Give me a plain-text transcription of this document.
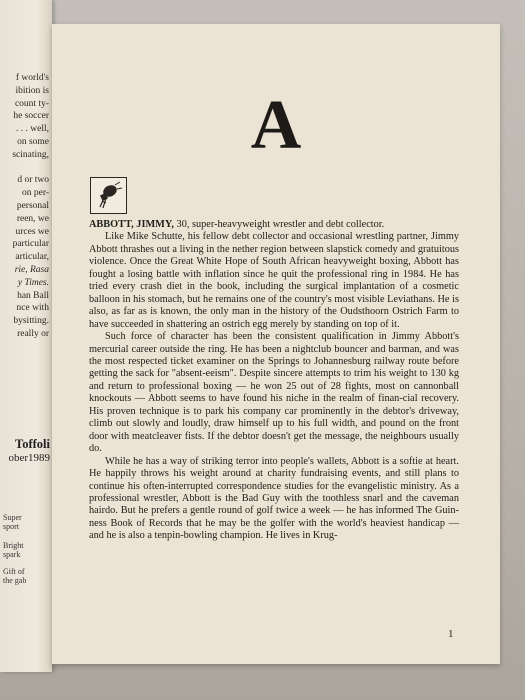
f world's
ibition is
count ty-
he soccer
. . . well,
on some
scinating,
d or two
on per-
personal
reen, we
urces we
particular
articular,
rie, Rasa
y Times.
han Ball
nce with
bysitting.
really or
Toffoli
ober1989
Super
sport
Bright
spark
Gift of
the gab
A

ABBOTT, JIMMY, 30, super-heavyweight wrestler and debt collector.

Like Mike Schutte, his fellow debt collector and occasional wrestling partner, Jimmy Abbott thrashes out a living in the nether region between slapstick comedy and gratuitous violence. Once the Great White Hope of South African heavyweight boxing, Abbott has fought a losing battle with inflation since he quit the professional ring in 1984. He has tried every crash diet in the book, including the surgical implantation of a cosmetic balloon in his stomach, but he remains one of the country's most visible Leviathans. He is also, as far as is known, the only man in the history of the Oudsthoorn Ostrich Farm to have succeeded in shattering an ostrich egg merely by standing on top of it.

Such force of character has been the consistent qualification in Jimmy Abbott's mercurial career outside the ring. He has been a nightclub bouncer and barman, and was the most respected ticket examiner on the Springs to Johannesburg railway route before getting the sack for "absent-eeism". Despite sincere attempts to trim his weight to 130 kg and return to professional boxing — he won 25 out of 28 fights, most on cannonball knockouts — Abbott seems to have found his niche in the realm of finan-cial recovery. His proven technique is to park his company car prominently in the debtor's driveway, climb out slowly and loudly, draw himself up to his full width, and pound on the front door with meatcleaver fists. If the debtor doesn't get the message, the neighbours usually do.

While he has a way of striking terror into people's wallets, Abbott is a softie at heart. He happily throws his weight around at charity fundraising events, and still plans to continue his often-interrupted correspondence studies for the evangelistic ministry. As a professional wrestler, Abbott is the Bad Guy with the toothless snarl and the caveman hairdo. But he prefers a gentle round of golf twice a week — he has informed The Guin-ness Book of Records that he may be the golfer with the world's heaviest handicap — and he is also a tenpin-bowling champion. He lives in Krug-

1
